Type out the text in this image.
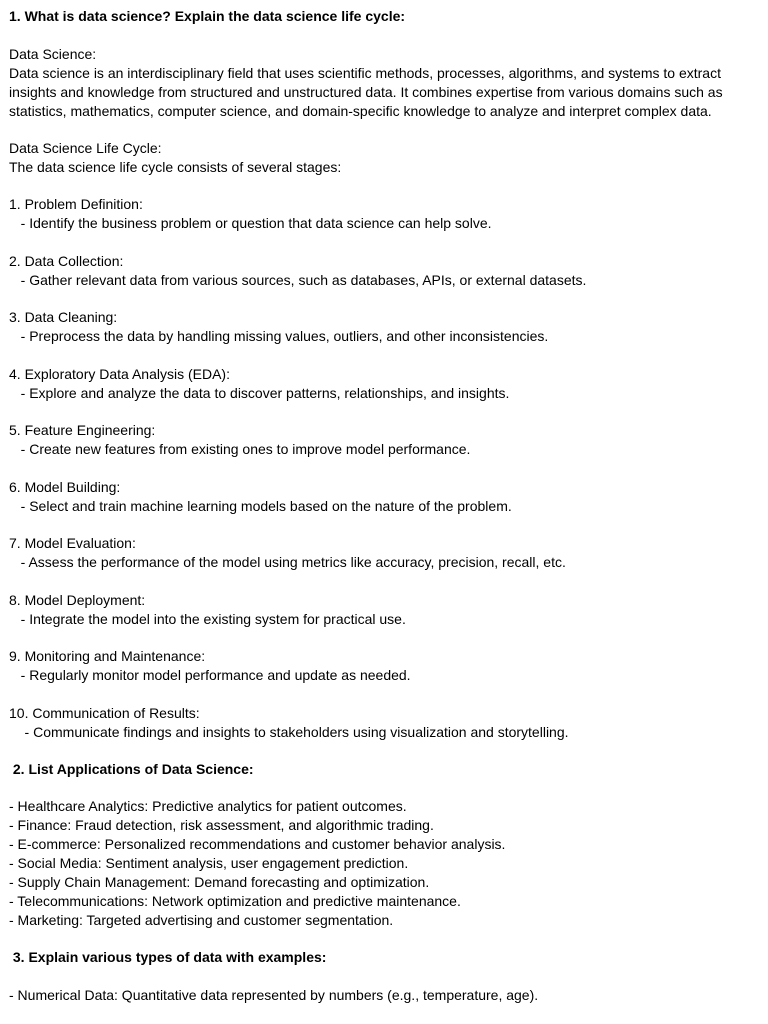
1. What is data science? Explain the data science life cycle:
Data Science:
Data science is an interdisciplinary field that uses scientific methods, processes, algorithms, and systems to extract
insights and knowledge from structured and unstructured data. It combines expertise from various domains such as
statistics, mathematics, computer science, and domain-specific knowledge to analyze and interpret complex data.
Data Science Life Cycle:
The data science life cycle consists of several stages:
1. Problem Definition:
- Identify the business problem or question that data science can help solve.
2. Data Collection:
- Gather relevant data from various sources, such as databases, APIs, or external datasets.
3. Data Cleaning:
- Preprocess the data by handling missing values, outliers, and other inconsistencies.
4. Exploratory Data Analysis (EDA):
- Explore and analyze the data to discover patterns, relationships, and insights.
5. Feature Engineering:
- Create new features from existing ones to improve model performance.
6. Model Building:
- Select and train machine learning models based on the nature of the problem.
7. Model Evaluation:
- Assess the performance of the model using metrics like accuracy, precision, recall, etc.
8. Model Deployment:
- Integrate the model into the existing system for practical use.
9. Monitoring and Maintenance:
- Regularly monitor model performance and update as needed.
10. Communication of Results:
- Communicate findings and insights to stakeholders using visualization and storytelling.
2. List Applications of Data Science:
- Healthcare Analytics: Predictive analytics for patient outcomes.
- Finance: Fraud detection, risk assessment, and algorithmic trading.
- E-commerce: Personalized recommendations and customer behavior analysis.
- Social Media: Sentiment analysis, user engagement prediction.
- Supply Chain Management: Demand forecasting and optimization.
- Telecommunications: Network optimization and predictive maintenance.
- Marketing: Targeted advertising and customer segmentation.
3. Explain various types of data with examples:
- Numerical Data: Quantitative data represented by numbers (e.g., temperature, age).
